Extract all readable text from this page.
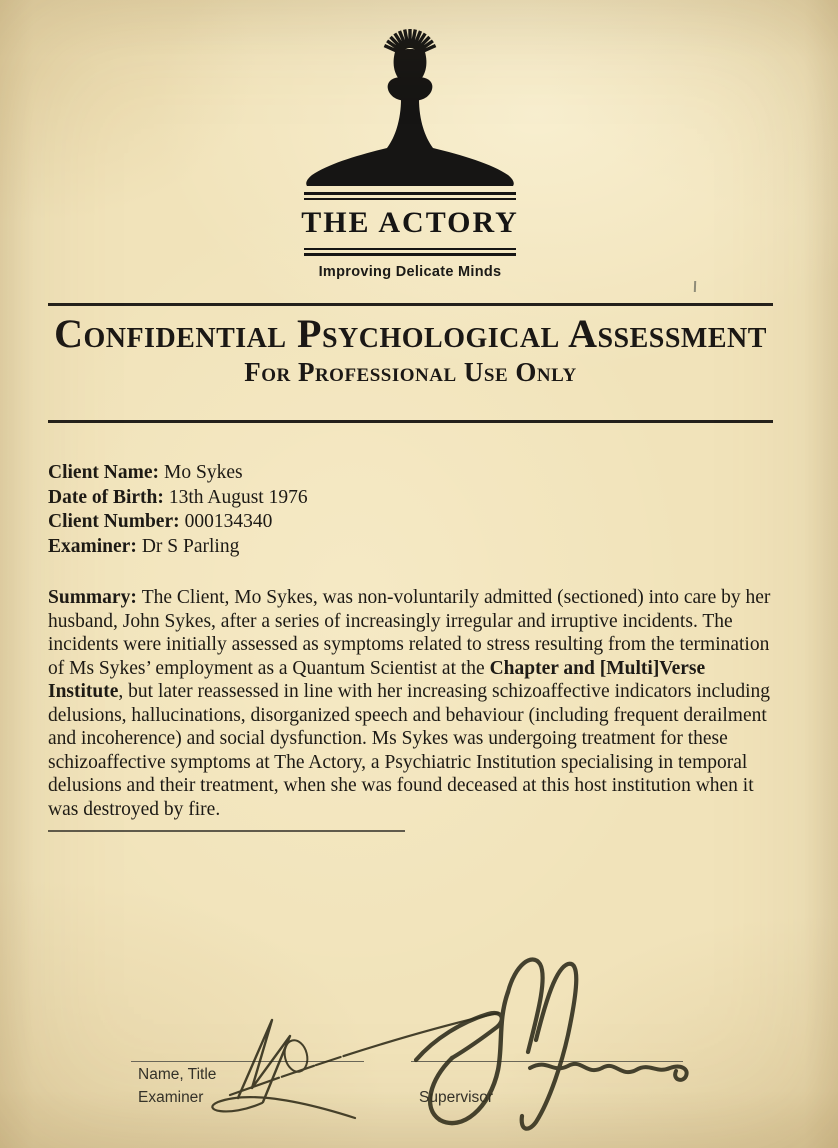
THE ACTORY
Improving Delicate Minds
Confidential Psychological Assessment
For Professional Use Only
Client Name: Mo Sykes
Date of Birth: 13th August 1976
Client Number: 000134340
Examiner: Dr S Parling
Summary: The Client, Mo Sykes, was non-voluntarily admitted (sectioned) into care by her
husband, John Sykes, after a series of increasingly irregular and irruptive incidents. The
incidents were initially assessed as symptoms related to stress resulting from the termination
of Ms Sykes’ employment as a Quantum Scientist at the Chapter and [Multi]Verse
Institute, but later reassessed in line with her increasing schizoaffective indicators including
delusions, hallucinations, disorganized speech and behaviour (including frequent derailment
and incoherence) and social dysfunction. Ms Sykes was undergoing treatment for these
schizoaffective symptoms at The Actory, a Psychiatric Institution specialising in temporal
delusions and their treatment, when she was found deceased at this host institution when it
was destroyed by fire.
Name, Title
Examiner	Supervisor
